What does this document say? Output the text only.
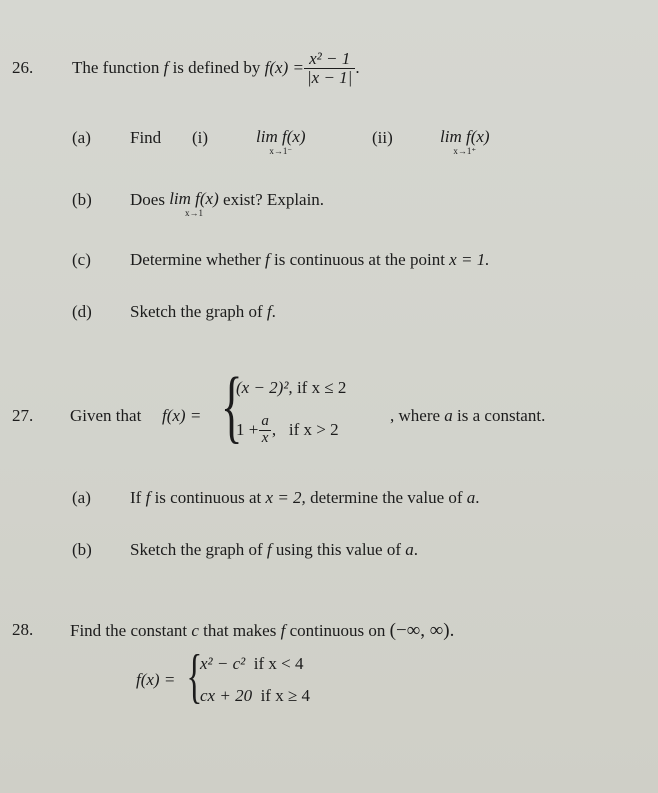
26. The function
f
is defined by
$f(x) = \frac{\text{x² − 1}}{|x - 1|}$ .
(a) Find (i)	lim f(x)
x→1⁻
(ii)	lim f(x)
x→1⁺
(b) Does
lim f(x)
x→1

exist? Explain.
(c) Determine whether f is continuous at the point x = 1.
(d) Sketch the graph of f.
27. Given that f(x) = {
(x − 2)², if x ≤ 2
$1 + \frac{a}{x}$ ,
if x > 2
, where a is a constant.
(a) If f is continuous at x = 2, determine the value of a.
(b) Sketch the graph of f using this value of a.
28. Find the constant c that makes f continuous on (−∞, ∞).
f(x) = {
x² − c² if x < 4
cx + 20 if x ≥ 4
